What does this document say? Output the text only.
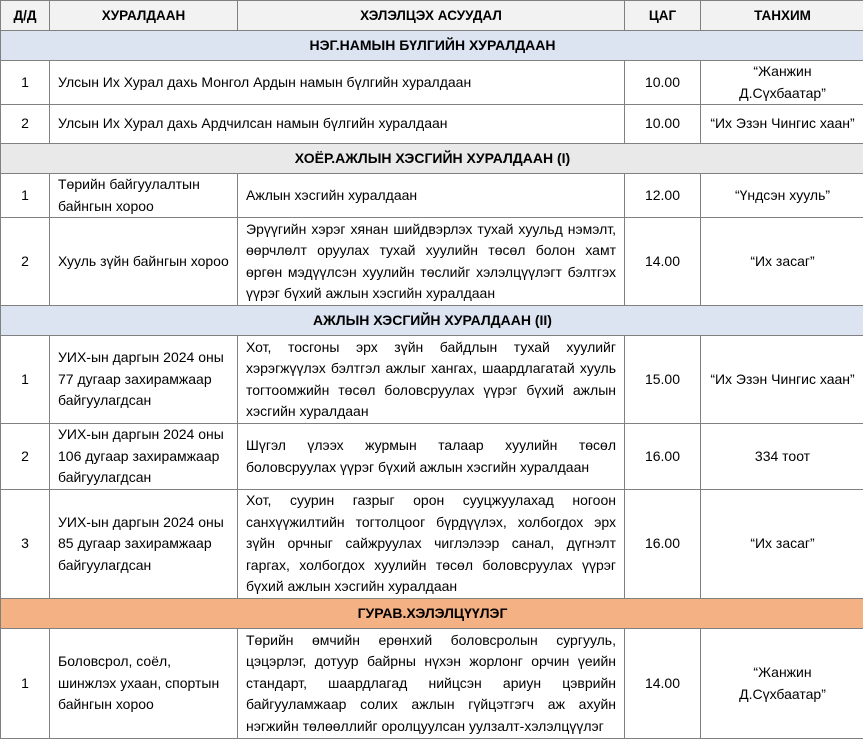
Д/Д	ХУРАЛДААН	ХЭЛЭЛЦЭХ АСУУДАЛ	ЦАГ	ТАНХИМ
НЭГ.НАМЫН БҮЛГИЙН ХУРАЛДААН				
1	Улсын Их Хурал дахь Монгол Ардын намын бүлгийн хуралдаан		10.00	“Жанжин Д.Сүхбаатар”
2	Улсын Их Хурал дахь Ардчилсан намын бүлгийн хуралдаан		10.00	“Их Эзэн Чингис хаан”
ХОЁР.АЖЛЫН ХЭСГИЙН ХУРАЛДААН (I)				
1	Төрийн байгуулалтын байнгын хороо	Ажлын хэсгийн хуралдаан	12.00	“Үндсэн хууль”
2	Хууль зүйн байнгын хороо	Эрүүгийн хэрэг хянан шийдвэрлэх тухай хуульд нэмэлт, өөрчлөлт оруулах тухай хуулийн төсөл болон хамт өргөн мэдүүлсэн хуулийн төслийг хэлэлцүүлэгт бэлтгэх үүрэг бүхий ажлын хэсгийн хуралдаан	14.00	“Их засаг”
АЖЛЫН ХЭСГИЙН ХУРАЛДААН (II)				
1	УИХ-ын даргын 2024 оны 77 дугаар захирамжаар байгуулагдсан	Хот, тосгоны эрх зүйн байдлын тухай хуулийг хэрэгжүүлэх бэлтгэл ажлыг хангах, шаардлагатай хууль тогтоомжийн төсөл боловсруулах үүрэг бүхий ажлын хэсгийн хуралдаан	15.00	“Их Эзэн Чингис хаан”
2	УИХ-ын даргын 2024 оны 106 дугаар захирамжаар байгуулагдсан	Шүгэл үлээх журмын талаар хуулийн төсөл боловсруулах үүрэг бүхий ажлын хэсгийн хуралдаан	16.00	334 тоот
3	УИХ-ын даргын 2024 оны 85 дугаар захирамжаар байгуулагдсан	Хот, суурин газрыг орон сууцжуулахад ногоон санхүүжилтийн тогтолцоог бүрдүүлэх, холбогдох эрх зүйн орчныг сайжруулах чиглэлээр санал, дүгнэлт гаргах, холбогдох хуулийн төсөл боловсруулах үүрэг бүхий ажлын хэсгийн хуралдаан	16.00	“Их засаг”
ГУРАВ.ХЭЛЭЛЦҮҮЛЭГ				
1	Боловсрол, соёл, шинжлэх ухаан, спортын байнгын хороо	Төрийн өмчийн ерөнхий боловсролын сургууль, цэцэрлэг, дотуур байрны нүхэн жорлонг орчин үеийн стандарт, шаардлагад нийцсэн ариун цэврийн байгууламжаар солих ажлын гүйцэтгэгч аж ахуйн нэгжийн төлөөллийг оролцуулсан уулзалт-хэлэлцүүлэг	14.00	“Жанжин Д.Сүхбаатар”
